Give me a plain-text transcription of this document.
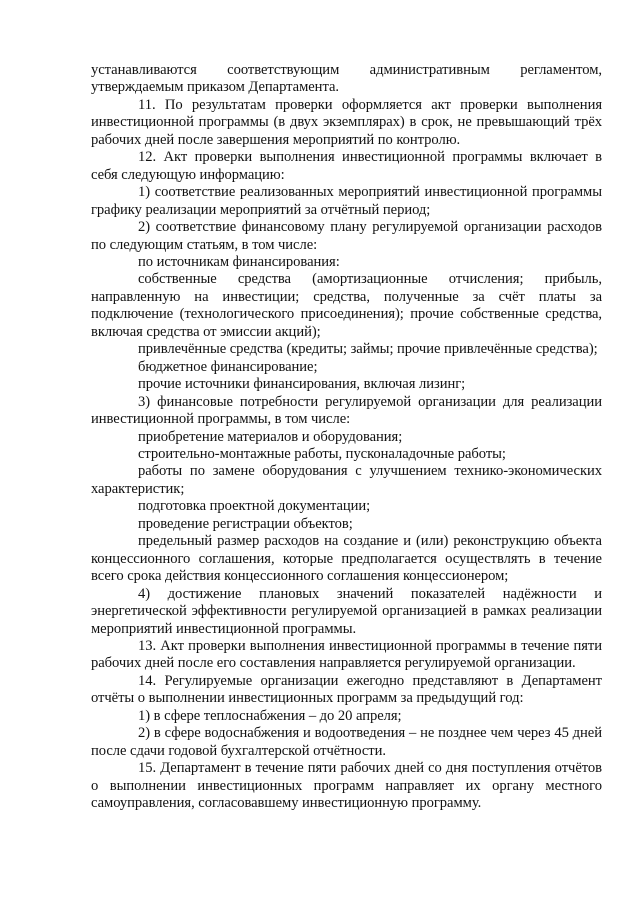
устанавливаются соответствующим административным регламентом, утверждаемым приказом Департамента.

11. По результатам проверки оформляется акт проверки выполнения инвестиционной программы (в двух экземплярах) в срок, не превышающий трёх рабочих дней после завершения мероприятий по контролю.

12. Акт проверки выполнения инвестиционной программы включает в себя следующую информацию:

1) соответствие реализованных мероприятий инвестиционной программы графику реализации мероприятий за отчётный период;

2) соответствие финансовому плану регулируемой организации расходов по следующим статьям, в том числе:

по источникам финансирования:

собственные средства (амортизационные отчисления; прибыль, направленную на инвестиции; средства, полученные за счёт платы за подключение (технологического присоединения); прочие собственные средства, включая средства от эмиссии акций);

привлечённые средства (кредиты; займы; прочие привлечённые средства);

бюджетное финансирование;

прочие источники финансирования, включая лизинг;

3) финансовые потребности регулируемой организации для реализации инвестиционной программы, в том числе:

приобретение материалов и оборудования;

строительно-монтажные работы, пусконаладочные работы;

работы по замене оборудования с улучшением технико-экономических характеристик;

подготовка проектной документации;

проведение регистрации объектов;

предельный размер расходов на создание и (или) реконструкцию объекта концессионного соглашения, которые предполагается осуществлять в течение всего срока действия концессионного соглашения концессионером;

4) достижение плановых значений показателей надёжности и энергетической эффективности регулируемой организацией в рамках реализации мероприятий инвестиционной программы.

13. Акт проверки выполнения инвестиционной программы в течение пяти рабочих дней после его составления направляется регулируемой организации.

14. Регулируемые организации ежегодно представляют в Департамент отчёты о выполнении инвестиционных программ за предыдущий год:

1) в сфере теплоснабжения – до 20 апреля;

2) в сфере водоснабжения и водоотведения – не позднее чем через 45 дней после сдачи годовой бухгалтерской отчётности.

15. Департамент в течение пяти рабочих дней со дня поступления отчётов о выполнении инвестиционных программ направляет их органу местного самоуправления, согласовавшему инвестиционную программу.
